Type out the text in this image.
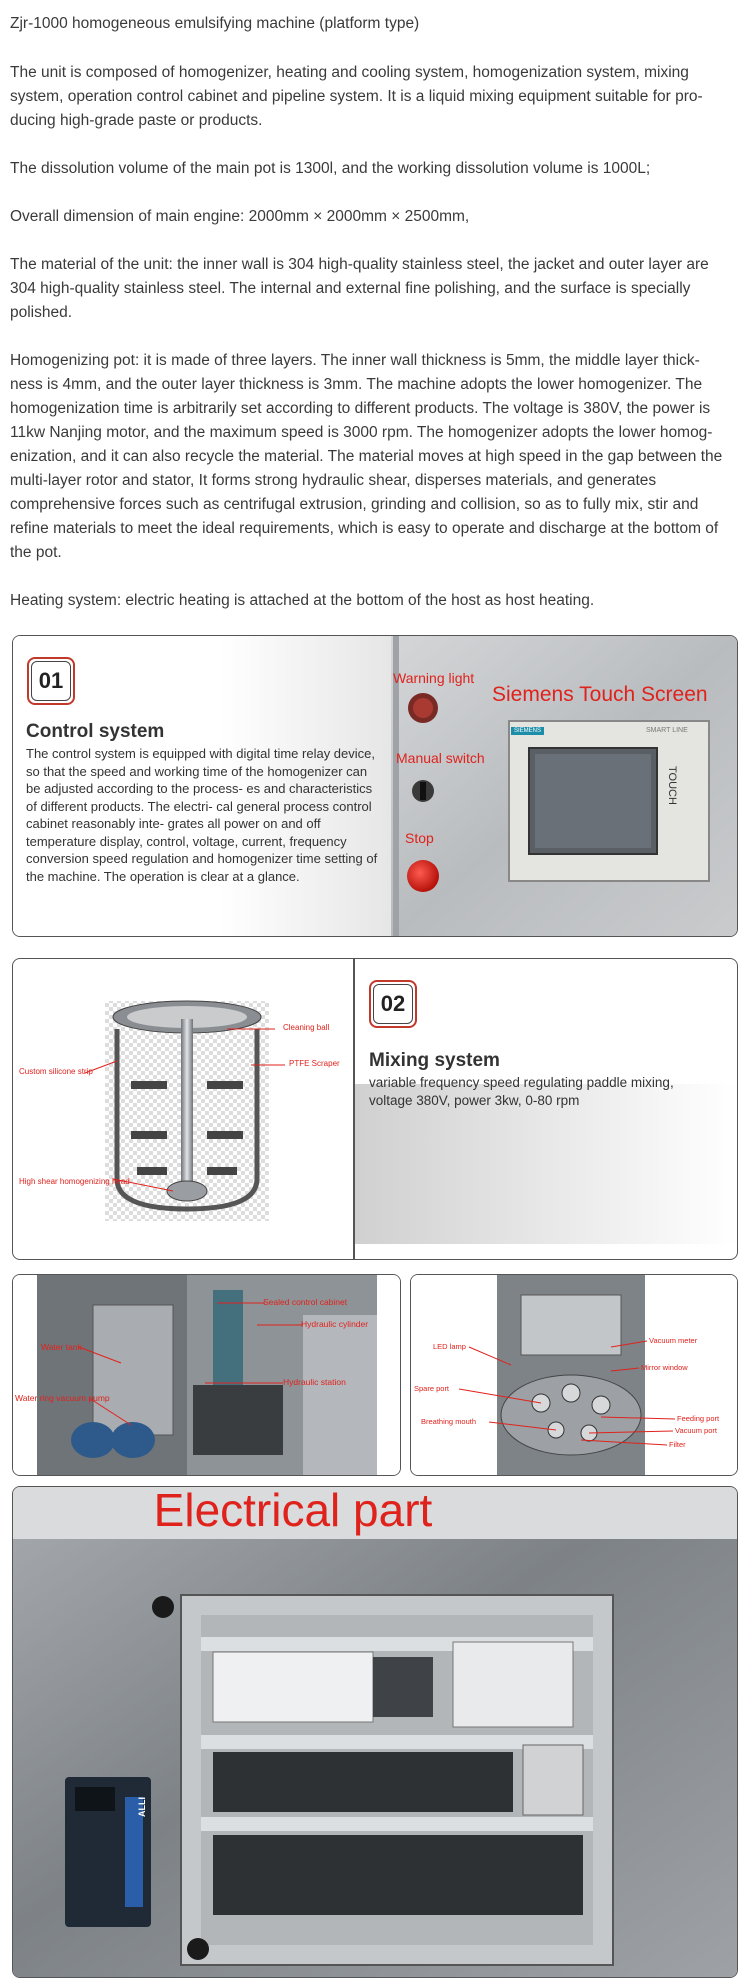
Zjr-1000 homogeneous emulsifying machine (platform type)

The unit is composed of homogenizer, heating and cooling system, homogenization system, mixing system, operation control cabinet and pipeline system. It is a liquid mixing equipment suitable for pro- ducing high-grade paste or products.

The dissolution volume of the main pot is 1300l, and the working dissolution volume is 1000L;

Overall dimension of main engine: 2000mm × 2000mm × 2500mm,

The material of the unit: the inner wall is 304 high-quality stainless steel, the jacket and outer layer are 304 high-quality stainless steel. The internal and external fine polishing, and the surface is specially polished.

Homogenizing pot: it is made of three layers. The inner wall thickness is 5mm, the middle layer thick- ness is 4mm, and the outer layer thickness is 3mm. The machine adopts the lower homogenizer. The homogenization time is arbitrarily set according to different products. The voltage is 380V, the power is 11kw Nanjing motor, and the maximum speed is 3000 rpm. The homogenizer adopts the lower homog- enization, and it can also recycle the material. The material moves at high speed in the gap between the multi-layer rotor and stator, It forms strong hydraulic shear, disperses materials, and generates comprehensive forces such as centrifugal extrusion, grinding and collision, so as to fully mix, stir and refine materials to meet the ideal requirements, which is easy to operate and discharge at the bottom of the pot.

Heating system: electric heating is attached at the bottom of the host as host heating.

01
Control system
The control system is equipped with digital time relay device, so that the speed and working time of the homogenizer can be adjusted according to the process- es and characteristics of different products. The electri- cal general process control cabinet reasonably inte- grates all power on and off temperature display, control, voltage, current, frequency conversion speed regulation and homogenizer time setting of the machine. The operation is clear at a glance.
Warning light
Siemens Touch Screen
Manual switch
Stop
SIEMENS	SMART LINE
TOUCH
Cleaning ball
PTFE Scraper
Custom silicone strip
High shear homogenizing head
02
Mixing system
variable frequency speed regulating paddle mixing, voltage 380V, power 3kw, 0-80 rpm
Sealed control cabinet
Hydraulic cylinder
Water tank
Hydraulic station
Water ring vacuum pump
LED lamp
Vacuum meter
Mirror window
Spare port
Breathing mouth	Feeding port
Vacuum port
Filter
Electrical part
ALLI
